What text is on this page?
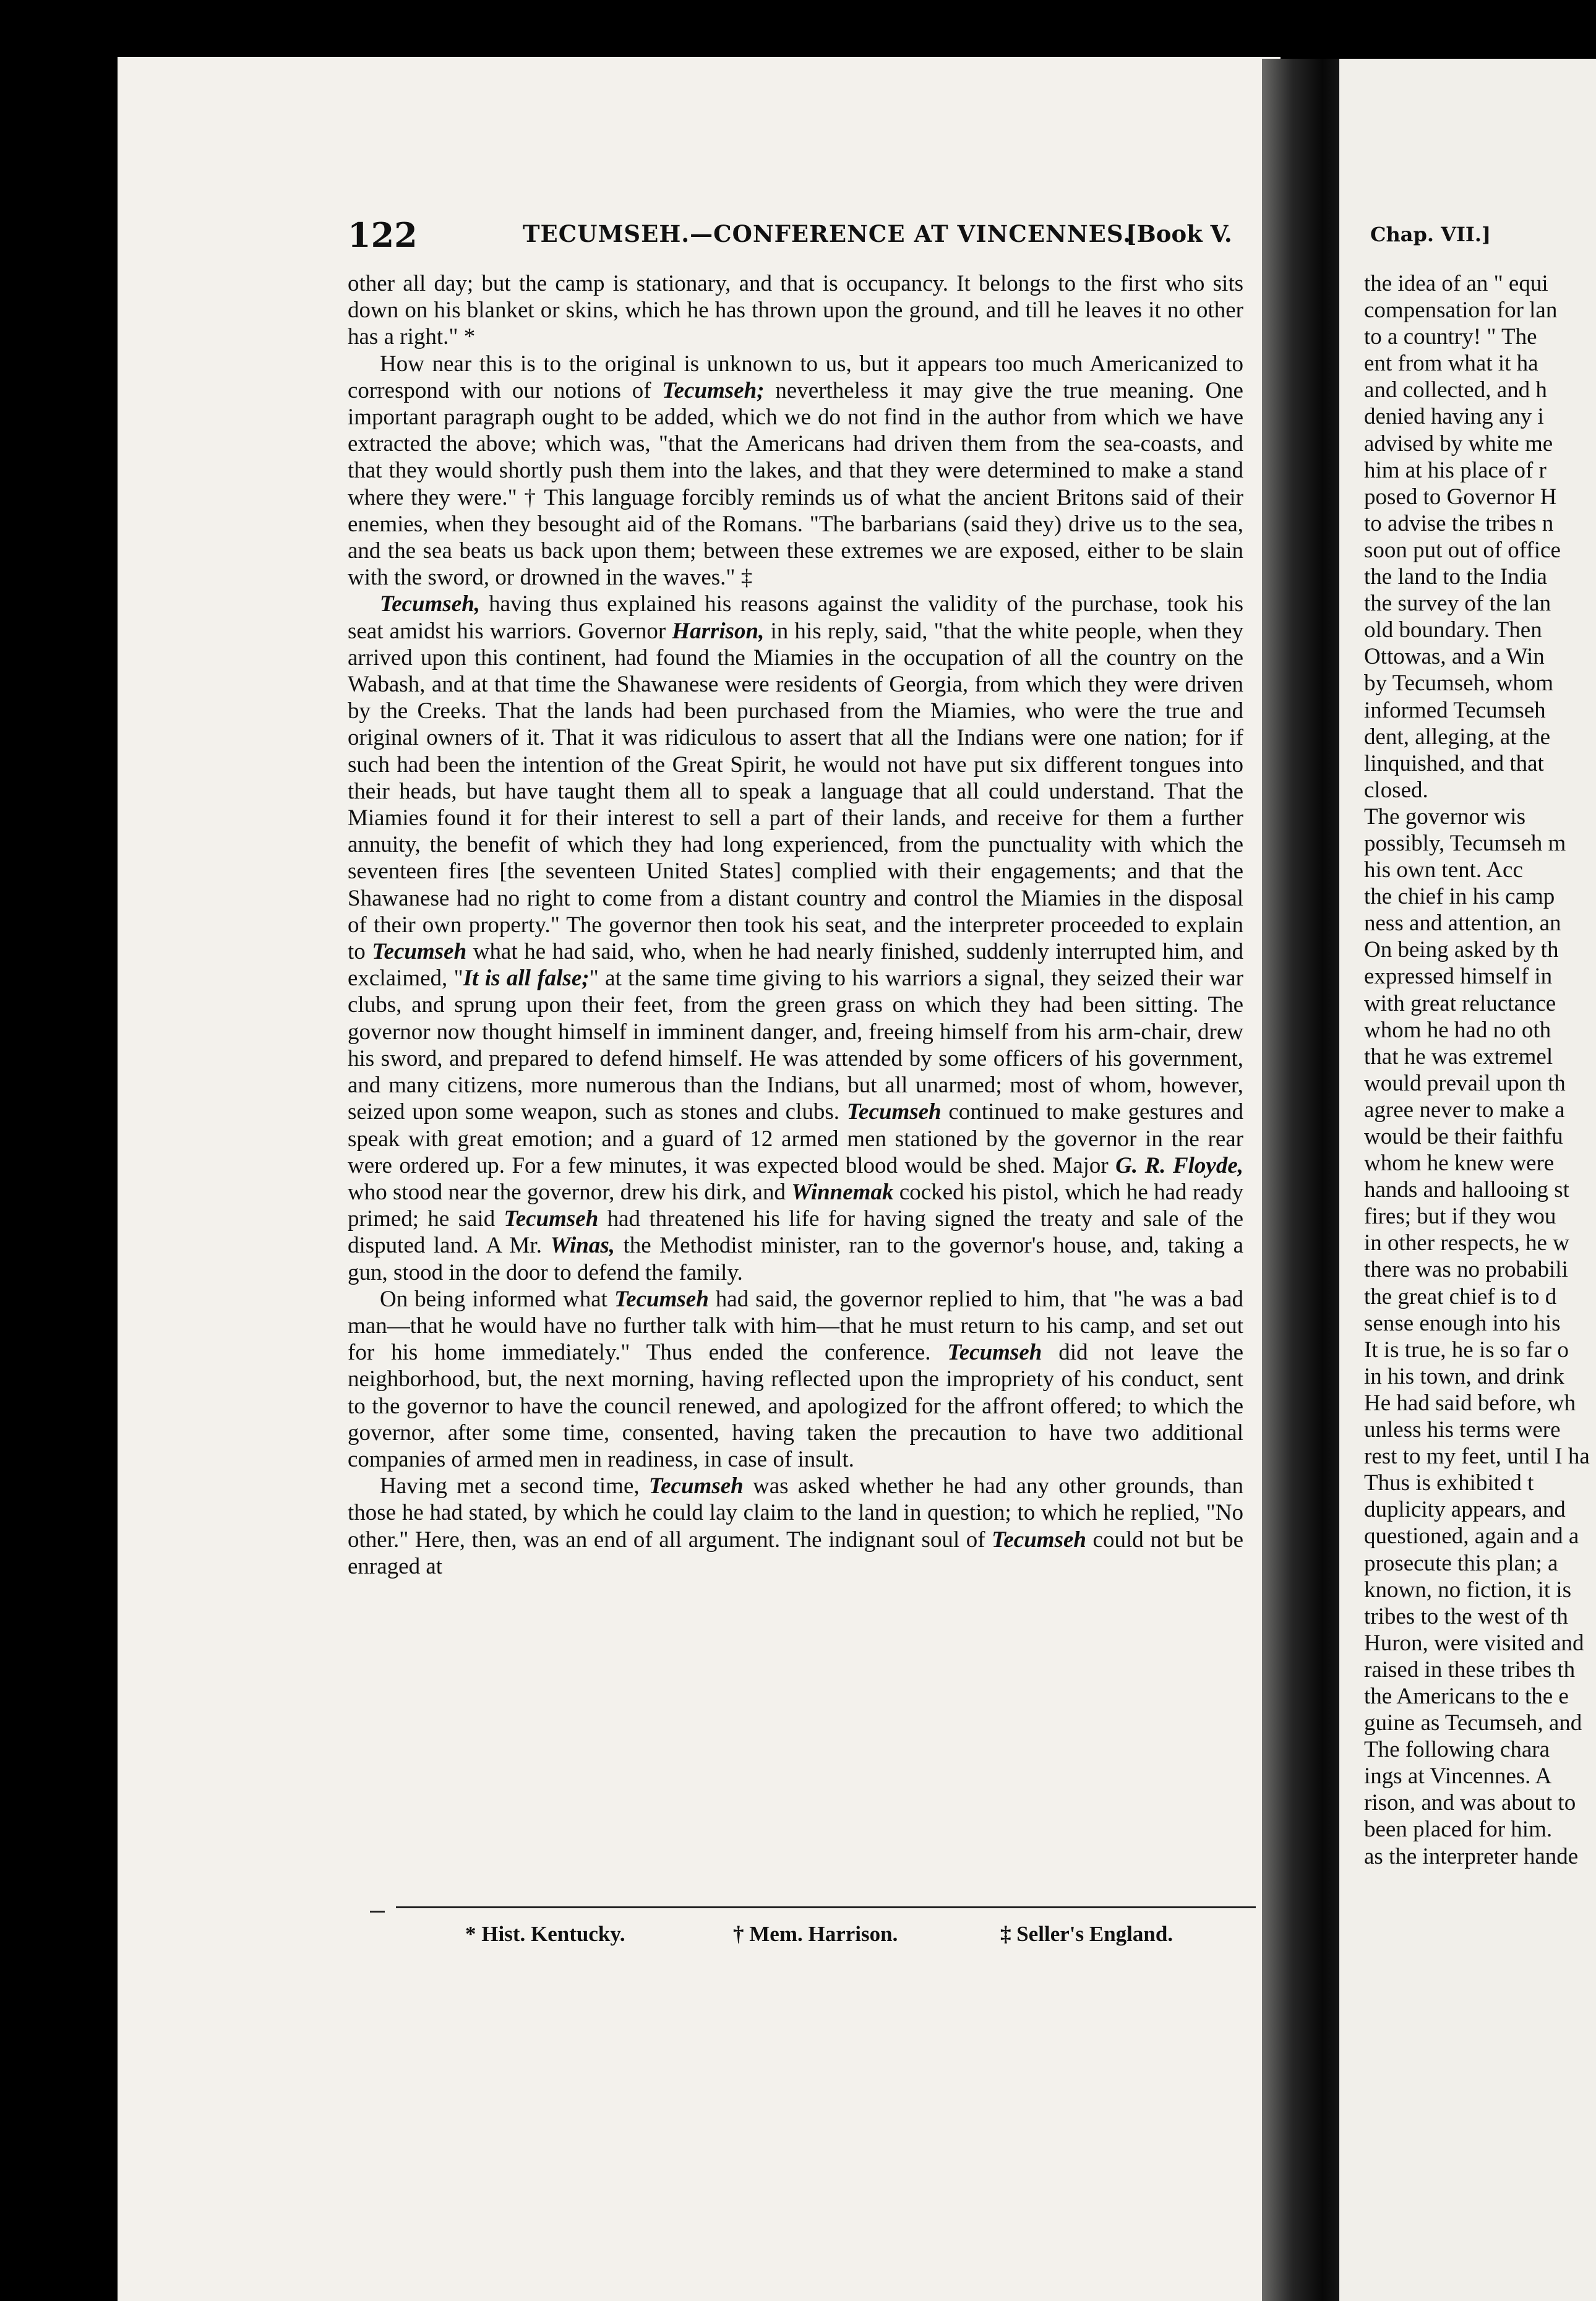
122	TECUMSEH.—CONFERENCE AT VINCENNES.
[Book V.

other all day; but the camp is stationary, and that is occupancy. It belongs to the first who sits down on his blanket or skins, which he has thrown upon the ground, and till he leaves it no other has a right." *

How near this is to the original is unknown to us, but it appears too much Americanized to correspond with our notions of Tecumseh; nevertheless it may give the true meaning. One important paragraph ought to be added, which we do not find in the author from which we have extracted the above; which was, "that the Americans had driven them from the sea-coasts, and that they would shortly push them into the lakes, and that they were determined to make a stand where they were." † This language forcibly reminds us of what the ancient Britons said of their enemies, when they besought aid of the Romans. "The barbarians (said they) drive us to the sea, and the sea beats us back upon them; between these extremes we are exposed, either to be slain with the sword, or drowned in the waves." ‡

Tecumseh, having thus explained his reasons against the validity of the purchase, took his seat amidst his warriors. Governor Harrison, in his reply, said, "that the white people, when they arrived upon this continent, had found the Miamies in the occupation of all the country on the Wabash, and at that time the Shawanese were residents of Georgia, from which they were driven by the Creeks. That the lands had been purchased from the Miamies, who were the true and original owners of it. That it was ridiculous to assert that all the Indians were one nation; for if such had been the intention of the Great Spirit, he would not have put six different tongues into their heads, but have taught them all to speak a language that all could understand. That the Miamies found it for their interest to sell a part of their lands, and receive for them a further annuity, the benefit of which they had long experienced, from the punctuality with which the seventeen fires [the seventeen United States] complied with their engagements; and that the Shawanese had no right to come from a distant country and control the Miamies in the disposal of their own property." The governor then took his seat, and the interpreter proceeded to explain to Tecumseh what he had said, who, when he had nearly finished, suddenly interrupted him, and exclaimed, "It is all false;" at the same time giving to his warriors a signal, they seized their war clubs, and sprung upon their feet, from the green grass on which they had been sitting. The governor now thought himself in imminent danger, and, freeing himself from his arm-chair, drew his sword, and prepared to defend himself. He was attended by some officers of his government, and many citizens, more numerous than the Indians, but all unarmed; most of whom, however, seized upon some weapon, such as stones and clubs. Tecumseh continued to make gestures and speak with great emotion; and a guard of 12 armed men stationed by the governor in the rear were ordered up. For a few minutes, it was expected blood would be shed. Major G. R. Floyde, who stood near the governor, drew his dirk, and Winnemak cocked his pistol, which he had ready primed; he said Tecumseh had threatened his life for having signed the treaty and sale of the disputed land. A Mr. Winas, the Methodist minister, ran to the governor's house, and, taking a gun, stood in the door to defend the family.

On being informed what Tecumseh had said, the governor replied to him, that "he was a bad man—that he would have no further talk with him—that he must return to his camp, and set out for his home immediately." Thus ended the conference. Tecumseh did not leave the neighborhood, but, the next morning, having reflected upon the impropriety of his conduct, sent to the governor to have the council renewed, and apologized for the affront offered; to which the governor, after some time, consented, having taken the precaution to have two additional companies of armed men in readiness, in case of insult.

Having met a second time, Tecumseh was asked whether he had any other grounds, than those he had stated, by which he could lay claim to the land in question; to which he replied, "No other." Here, then, was an end of all argument. The indignant soul of Tecumseh could not but be enraged at

* Hist. Kentucky.	† Mem. Harrison.	‡ Seller's England.
Chap. VII.]
the idea of an " equi
compensation for lan
to a country! " The
ent from what it ha
and collected, and h
denied having any i
advised by white me
him at his place of r
posed to Governor H
to advise the tribes n
soon put out of office
the land to the India
the survey of the lan
old boundary. Then
Ottowas, and a Win
by Tecumseh, whom
informed Tecumseh
dent, alleging, at the
linquished, and that
closed.
The governor wis
possibly, Tecumseh m
his own tent. Acc
the chief in his camp
ness and attention, an
On being asked by th
expressed himself in
with great reluctance
whom he had no oth
that he was extremel
would prevail upon th
agree never to make a
would be their faithfu
whom he knew were
hands and hallooing st
fires; but if they wou
in other respects, he w
there was no probabili
the great chief is to d
sense enough into his
It is true, he is so far o
in his town, and drink
He had said before, wh
unless his terms were
rest to my feet, until I ha
Thus is exhibited t
duplicity appears, and
questioned, again and a
prosecute this plan; a
known, no fiction, it is
tribes to the west of th
Huron, were visited and
raised in these tribes th
the Americans to the e
guine as Tecumseh, and
The following chara
ings at Vincennes. A
rison, and was about to
been placed for him.
as the interpreter hande
